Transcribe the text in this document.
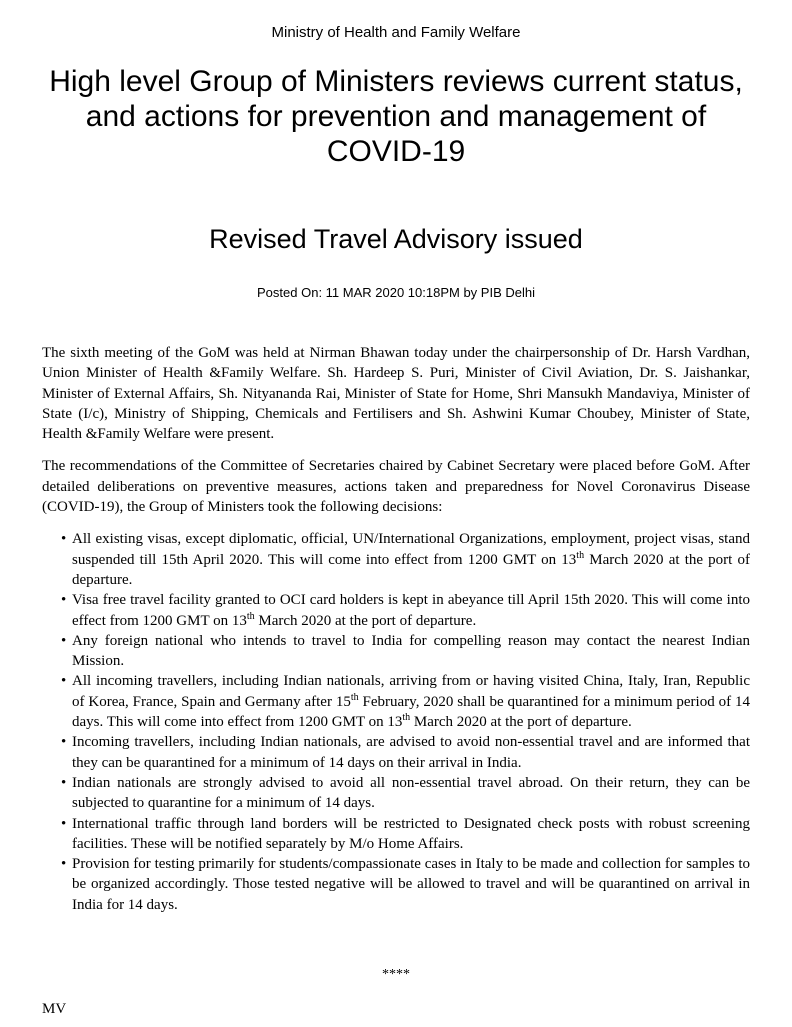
Ministry of Health and Family Welfare
High level Group of Ministers reviews current status, and actions for prevention and management of COVID-19
Revised Travel Advisory issued
Posted On: 11 MAR 2020 10:18PM by PIB Delhi

The sixth meeting of the GoM was held at Nirman Bhawan today under the chairpersonship of Dr. Harsh Vardhan, Union Minister of Health &Family Welfare. Sh. Hardeep S. Puri, Minister of Civil Aviation, Dr. S. Jaishankar, Minister of External Affairs, Sh. Nityananda Rai, Minister of State for Home, Shri Mansukh Mandaviya, Minister of State (I/c), Ministry of Shipping, Chemicals and Fertilisers and Sh. Ashwini Kumar Choubey, Minister of State, Health &Family Welfare were present.

The recommendations of the Committee of Secretaries chaired by Cabinet Secretary were placed before GoM. After detailed deliberations on preventive measures, actions taken and preparedness for Novel Coronavirus Disease (COVID-19), the Group of Ministers took the following decisions:

• All existing visas, except diplomatic, official, UN/International Organizations, employment, project visas, stand suspended till 15th April 2020. This will come into effect from 1200 GMT on 13th March 2020 at the port of departure.
• Visa free travel facility granted to OCI card holders is kept in abeyance till April 15th 2020. This will come into effect from 1200 GMT on 13th March 2020 at the port of departure.
• Any foreign national who intends to travel to India for compelling reason may contact the nearest Indian Mission.
• All incoming travellers, including Indian nationals, arriving from or having visited China, Italy, Iran, Republic of Korea, France, Spain and Germany after 15th February, 2020 shall be quarantined for a minimum period of 14 days. This will come into effect from 1200 GMT on 13th March 2020 at the port of departure.
• Incoming travellers, including Indian nationals, are advised to avoid non-essential travel and are informed that they can be quarantined for a minimum of 14 days on their arrival in India.
• Indian nationals are strongly advised to avoid all non-essential travel abroad. On their return, they can be subjected to quarantine for a minimum of 14 days.
• International traffic through land borders will be restricted to Designated check posts with robust screening facilities. These will be notified separately by M/o Home Affairs.
• Provision for testing primarily for students/compassionate cases in Italy to be made and collection for samples to be organized accordingly. Those tested negative will be allowed to travel and will be quarantined on arrival in India for 14 days.
****
MV
